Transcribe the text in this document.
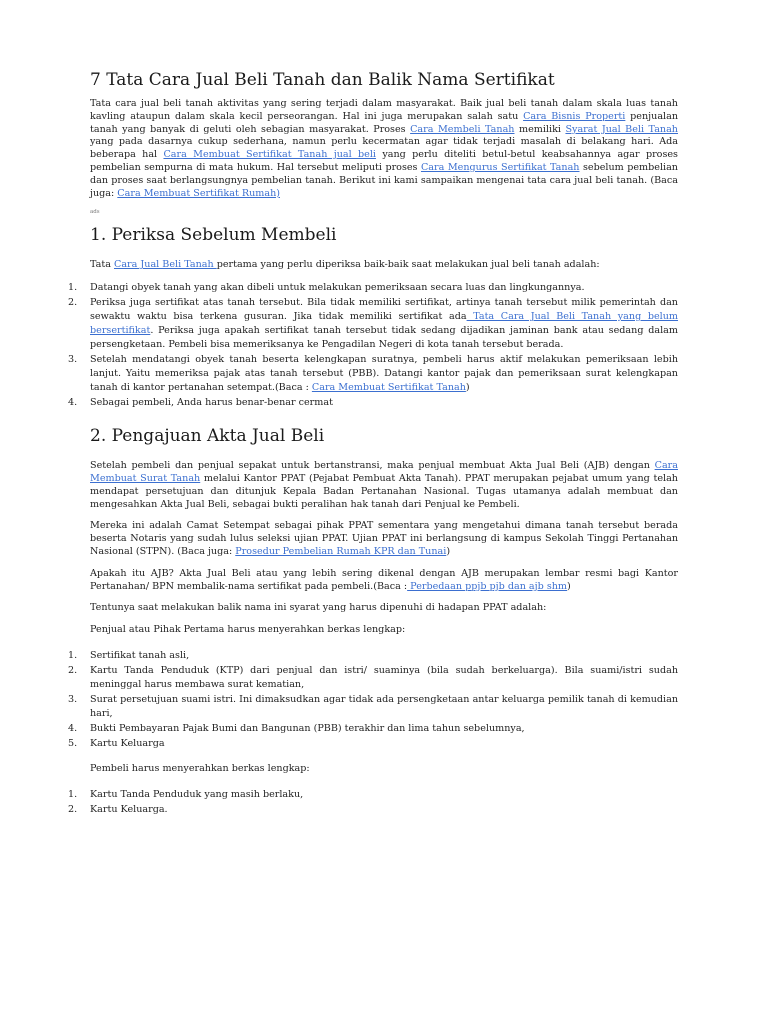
7 Tata Cara Jual Beli Tanah dan Balik Nama Sertifikat

Tata cara jual beli tanah aktivitas yang sering terjadi dalam masyarakat. Baik jual beli tanah dalam skala luas tanah kavling ataupun dalam skala kecil perseorangan. Hal ini juga merupakan salah satu Cara Bisnis Properti penjualan tanah yang banyak di geluti oleh sebagian masyarakat. Proses Cara Membeli Tanah memiliki Syarat Jual Beli Tanah yang pada dasarnya cukup sederhana, namun perlu kecermatan agar tidak terjadi masalah di belakang hari. Ada beberapa hal Cara Membuat Sertifikat Tanah jual beli yang perlu diteliti betul-betul keabsahannya agar proses pembelian sempurna di mata hukum. Hal tersebut meliputi proses Cara Mengurus Sertifikat Tanah sebelum pembelian dan proses saat berlangsungnya pembelian tanah. Berikut ini kami sampaikan mengenai tata cara jual beli tanah. (Baca juga: Cara Membuat Sertifikat Rumah)

ads
1. Periksa Sebelum Membeli

Tata Cara Jual Beli Tanah pertama yang perlu diperiksa baik-baik saat melakukan jual beli tanah adalah:

1. Datangi obyek tanah yang akan dibeli untuk melakukan pemeriksaan secara luas dan lingkungannya.
2. Periksa juga sertifikat atas tanah tersebut. Bila tidak memiliki sertifikat, artinya tanah tersebut milik pemerintah dan sewaktu waktu bisa terkena gusuran. Jika tidak memiliki sertifikat ada Tata Cara Jual Beli Tanah yang belum bersertifikat. Periksa juga apakah sertifikat tanah tersebut tidak sedang dijadikan jaminan bank atau sedang dalam persengketaan. Pembeli bisa memeriksanya ke Pengadilan Negeri di kota tanah tersebut berada.
3. Setelah mendatangi obyek tanah beserta kelengkapan suratnya, pembeli harus aktif melakukan pemeriksaan lebih lanjut. Yaitu memeriksa pajak atas tanah tersebut (PBB). Datangi kantor pajak dan pemeriksaan surat kelengkapan tanah di kantor pertanahan setempat.(Baca : Cara Membuat Sertifikat Tanah)
4. Sebagai pembeli, Anda harus benar-benar cermat
2. Pengajuan Akta Jual Beli

Setelah pembeli dan penjual sepakat untuk bertanstransi, maka penjual membuat Akta Jual Beli (AJB) dengan Cara Membuat Surat Tanah melalui Kantor PPAT (Pejabat Pembuat Akta Tanah). PPAT merupakan pejabat umum yang telah mendapat persetujuan dan ditunjuk Kepala Badan Pertanahan Nasional. Tugas utamanya adalah membuat dan mengesahkan Akta Jual Beli, sebagai bukti peralihan hak tanah dari Penjual ke Pembeli.

Mereka ini adalah Camat Setempat sebagai pihak PPAT sementara yang mengetahui dimana tanah tersebut berada beserta Notaris yang sudah lulus seleksi ujian PPAT. Ujian PPAT ini berlangsung di kampus Sekolah Tinggi Pertanahan Nasional (STPN). (Baca juga: Prosedur Pembelian Rumah KPR dan Tunai)

Apakah itu AJB? Akta Jual Beli atau yang lebih sering dikenal dengan AJB merupakan lembar resmi bagi Kantor Pertanahan/ BPN membalik-nama sertifikat pada pembeli.(Baca : Perbedaan ppjb pjb dan ajb shm)

Tentunya saat melakukan balik nama ini syarat yang harus dipenuhi di hadapan PPAT adalah:

Penjual atau Pihak Pertama harus menyerahkan berkas lengkap:

1. Sertifikat tanah asli,
2. Kartu Tanda Penduduk (KTP) dari penjual dan istri/ suaminya (bila sudah berkeluarga). Bila suami/istri sudah meninggal harus membawa surat kematian,
3. Surat persetujuan suami istri. Ini dimaksudkan agar tidak ada persengketaan antar keluarga pemilik tanah di kemudian hari,
4. Bukti Pembayaran Pajak Bumi dan Bangunan (PBB) terakhir dan lima tahun sebelumnya,
5. Kartu Keluarga

Pembeli harus menyerahkan berkas lengkap:

1. Kartu Tanda Penduduk yang masih berlaku,
2. Kartu Keluarga.
